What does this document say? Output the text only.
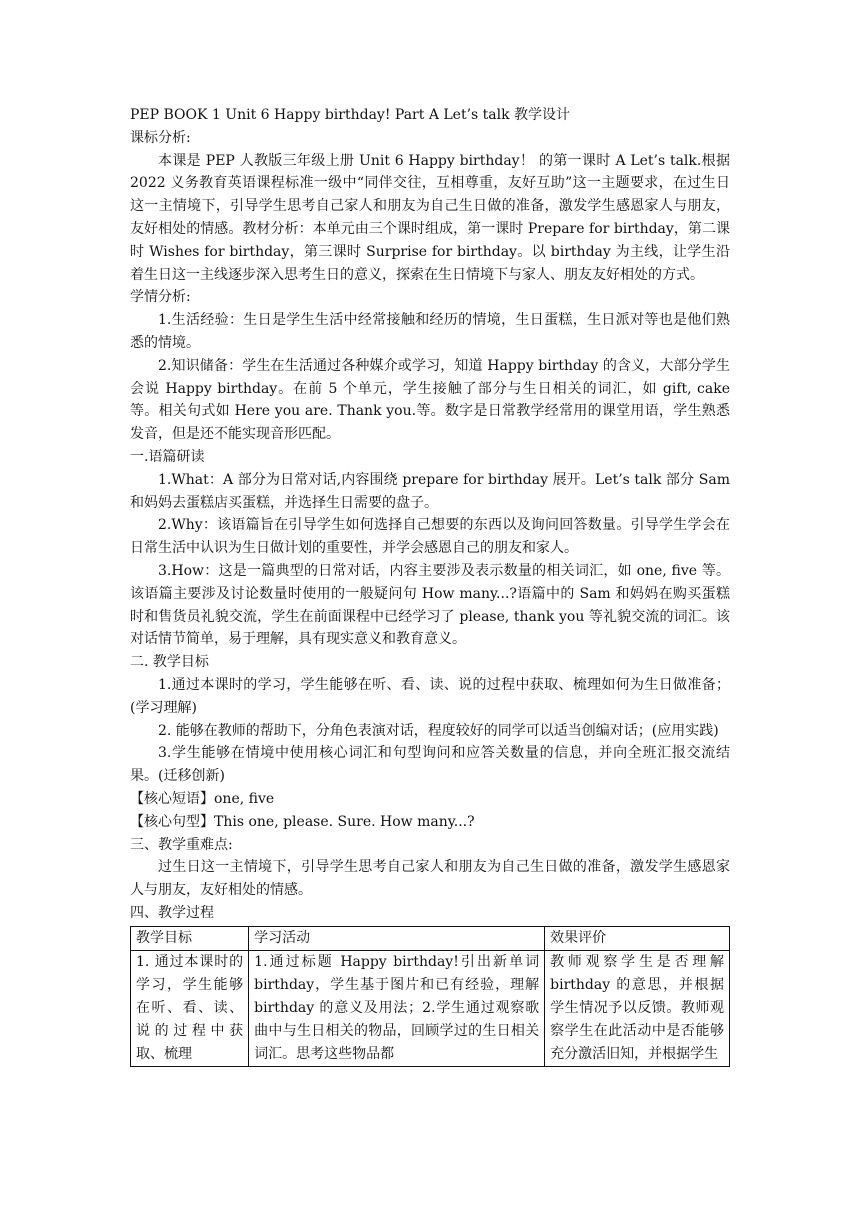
PEP BOOK 1 Unit 6 Happy birthday! Part A Let’s talk 教学设计

课标分析:

本课是 PEP 人教版三年级上册 Unit 6 Happy birthday！ 的第一课时 A Let’s talk.根据 2022 义务教育英语课程标准一级中“同伴交往，互相尊重，友好互助”这一主题要求，在过生日这一主情境下，引导学生思考自己家人和朋友为自己生日做的准备，激发学生感恩家人与朋友，友好相处的情感。教材分析：本单元由三个课时组成，第一课时 Prepare for birthday，第二课时 Wishes for birthday，第三课时 Surprise for birthday。以 birthday 为主线，让学生沿着生日这一主线逐步深入思考生日的意义，探索在生日情境下与家人、朋友友好相处的方式。

学情分析:

1.生活经验：生日是学生生活中经常接触和经历的情境，生日蛋糕，生日派对等也是他们熟悉的情境。

2.知识储备：学生在生活通过各种媒介或学习，知道 Happy birthday 的含义，大部分学生会说 Happy birthday。在前 5 个单元，学生接触了部分与生日相关的词汇，如 gift, cake 等。相关句式如 Here you are. Thank you.等。数字是日常教学经常用的课堂用语，学生熟悉发音，但是还不能实现音形匹配。

一.语篇研读

1.What：A 部分为日常对话,内容围绕 prepare for birthday 展开。Let’s talk 部分 Sam 和妈妈去蛋糕店买蛋糕，并选择生日需要的盘子。

2.Why：该语篇旨在引导学生如何选择自己想要的东西以及询问回答数量。引导学生学会在日常生活中认识为生日做计划的重要性，并学会感恩自己的朋友和家人。

3.How：这是一篇典型的日常对话，内容主要涉及表示数量的相关词汇，如 one, five 等。该语篇主要涉及讨论数量时使用的一般疑问句 How many...?语篇中的 Sam 和妈妈在购买蛋糕时和售货员礼貌交流，学生在前面课程中已经学习了 please, thank you 等礼貌交流的词汇。该对话情节简单，易于理解，具有现实意义和教育意义。

二. 教学目标

1.通过本课时的学习，学生能够在听、看、读、说的过程中获取、梳理如何为生日做准备；(学习理解)

2. 能够在教师的帮助下，分角色表演对话，程度较好的同学可以适当创编对话；(应用实践)

3.学生能够在情境中使用核心词汇和句型询问和应答关数量的信息，并向全班汇报交流结果。(迁移创新)

【核心短语】one, five

【核心句型】This one, please. Sure. How many...?

三、教学重难点:

过生日这一主情境下，引导学生思考自己家人和朋友为自己生日做的准备，激发学生感恩家人与朋友，友好相处的情感。

四、教学过程

教学目标	学习活动	效果评价
1. 通过本课时的学习，学生能够在听、看、读、说的过程中获取、梳理	1.通过标题 Happy birthday!引出新单词 birthday，学生基于图片和已有经验，理解 birthday 的意义及用法；2.学生通过观察歌曲中与生日相关的物品，回顾学过的生日相关词汇。思考这些物品都	教师观察学生是否理解 birthday 的意思，并根据学生情况予以反馈。教师观察学生在此活动中是否能够充分激活旧知，并根据学生
